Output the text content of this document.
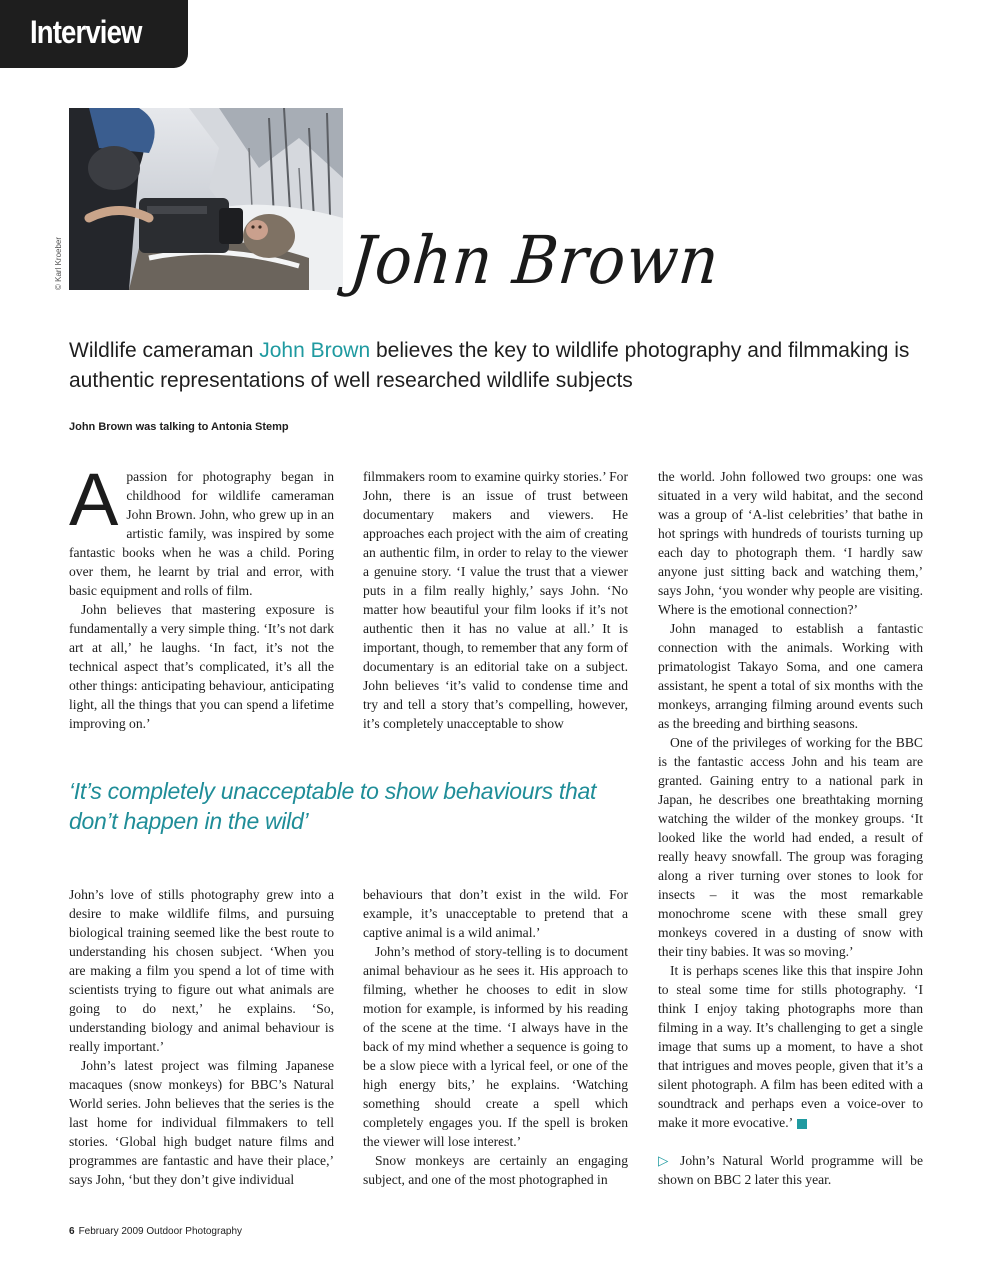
Interview
© Karl Kroeber	John Brown
Wildlife cameraman John Brown believes the key to wildlife photography and filmmaking is authentic representations of well researched wildlife subjects
John Brown was talking to Antonia Stemp

A passion for photography began in childhood for wildlife cameraman John Brown. John, who grew up in an artistic family, was inspired by some fantastic books when he was a child. Poring over them, he learnt by trial and error, with basic equipment and rolls of film.

John believes that mastering exposure is fundamentally a very simple thing. ‘It’s not dark art at all,’ he laughs. ‘In fact, it’s not the technical aspect that’s complicated, it’s all the other things: anticipating behaviour, anticipating light, all the things that you can spend a lifetime improving on.’

filmmakers room to examine quirky stories.’ For John, there is an issue of trust between documentary makers and viewers. He approaches each project with the aim of creating an authentic film, in order to relay to the viewer a genuine story. ‘I value the trust that a viewer puts in a film really highly,’ says John. ‘No matter how beautiful your film looks if it’s not authentic then it has no value at all.’ It is important, though, to remember that any form of documentary is an editorial take on a subject. John believes ‘it’s valid to condense time and try and tell a story that’s compelling, however, it’s completely unacceptable to show

‘It’s completely unacceptable to show behaviours that don’t happen in the wild’

John’s love of stills photography grew into a desire to make wildlife films, and pursuing biological training seemed like the best route to understanding his chosen subject. ‘When you are making a film you spend a lot of time with scientists trying to figure out what animals are going to do next,’ he explains. ‘So, understanding biology and animal behaviour is really important.’

John’s latest project was filming Japanese macaques (snow monkeys) for BBC’s Natural World series. John believes that the series is the last home for individual filmmakers to tell stories. ‘Global high budget nature films and programmes are fantastic and have their place,’ says John, ‘but they don’t give individual

behaviours that don’t exist in the wild. For example, it’s unacceptable to pretend that a captive animal is a wild animal.’

John’s method of story-telling is to document animal behaviour as he sees it. His approach to filming, whether he chooses to edit in slow motion for example, is informed by his reading of the scene at the time. ‘I always have in the back of my mind whether a sequence is going to be a slow piece with a lyrical feel, or one of the high energy bits,’ he explains. ‘Watching something should create a spell which completely engages you. If the spell is broken the viewer will lose interest.’

Snow monkeys are certainly an engaging subject, and one of the most photographed in

the world. John followed two groups: one was situated in a very wild habitat, and the second was a group of ‘A-list celebrities’ that bathe in hot springs with hundreds of tourists turning up each day to photograph them. ‘I hardly saw anyone just sitting back and watching them,’ says John, ‘you wonder why people are visiting. Where is the emotional connection?’

John managed to establish a fantastic connection with the animals. Working with primatologist Takayo Soma, and one camera assistant, he spent a total of six months with the monkeys, arranging filming around events such as the breeding and birthing seasons.

One of the privileges of working for the BBC is the fantastic access John and his team are granted. Gaining entry to a national park in Japan, he describes one breathtaking morning watching the wilder of the monkey groups. ‘It looked like the world had ended, a result of really heavy snowfall. The group was foraging along a river turning over stones to look for insects – it was the most remarkable monochrome scene with these small grey monkeys covered in a dusting of snow with their tiny babies. It was so moving.’

It is perhaps scenes like this that inspire John to steal some time for stills photography. ‘I think I enjoy taking photographs more than filming in a way. It’s challenging to get a single image that sums up a moment, to have a shot that intrigues and moves people, given that it’s a silent photograph. A film has been edited with a soundtrack and perhaps even a voice-over to make it more evocative.’

▷ John’s Natural World programme will be shown on BBC 2 later this year.

6 February 2009 Outdoor Photography
